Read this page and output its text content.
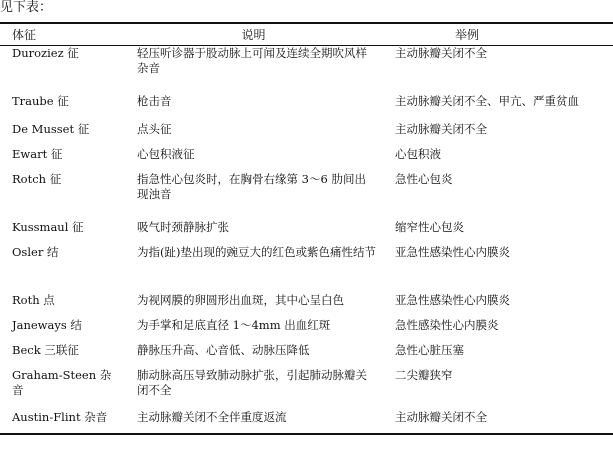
见下表：
体征	说明	举例
Duroziez 征	轻压听诊器于股动脉上可闻及连续全期吹风样杂音	主动脉瓣关闭不全
Traube 征	枪击音	主动脉瓣关闭不全、甲亢、严重贫血
De Musset 征	点头征	主动脉瓣关闭不全
Ewart 征	心包积液征	心包积液
Rotch 征	指急性心包炎时，在胸骨右缘第 3～6 肋间出现浊音	急性心包炎
Kussmaul 征	吸气时颈静脉扩张	缩窄性心包炎
Osler 结	为指(趾)垫出现的豌豆大的红色或紫色痛性结节	亚急性感染性心内膜炎
Roth 点	为视网膜的卵圆形出血斑，其中心呈白色	亚急性感染性心内膜炎
Janeways 结	为手掌和足底直径 1～4mm 出血红斑	急性感染性心内膜炎
Beck 三联征	静脉压升高、心音低、动脉压降低	急性心脏压塞
Graham-Steen 杂音	肺动脉高压导致肺动脉扩张，引起肺动脉瓣关闭不全	二尖瓣狭窄
Austin-Flint 杂音	主动脉瓣关闭不全伴重度返流	主动脉瓣关闭不全
